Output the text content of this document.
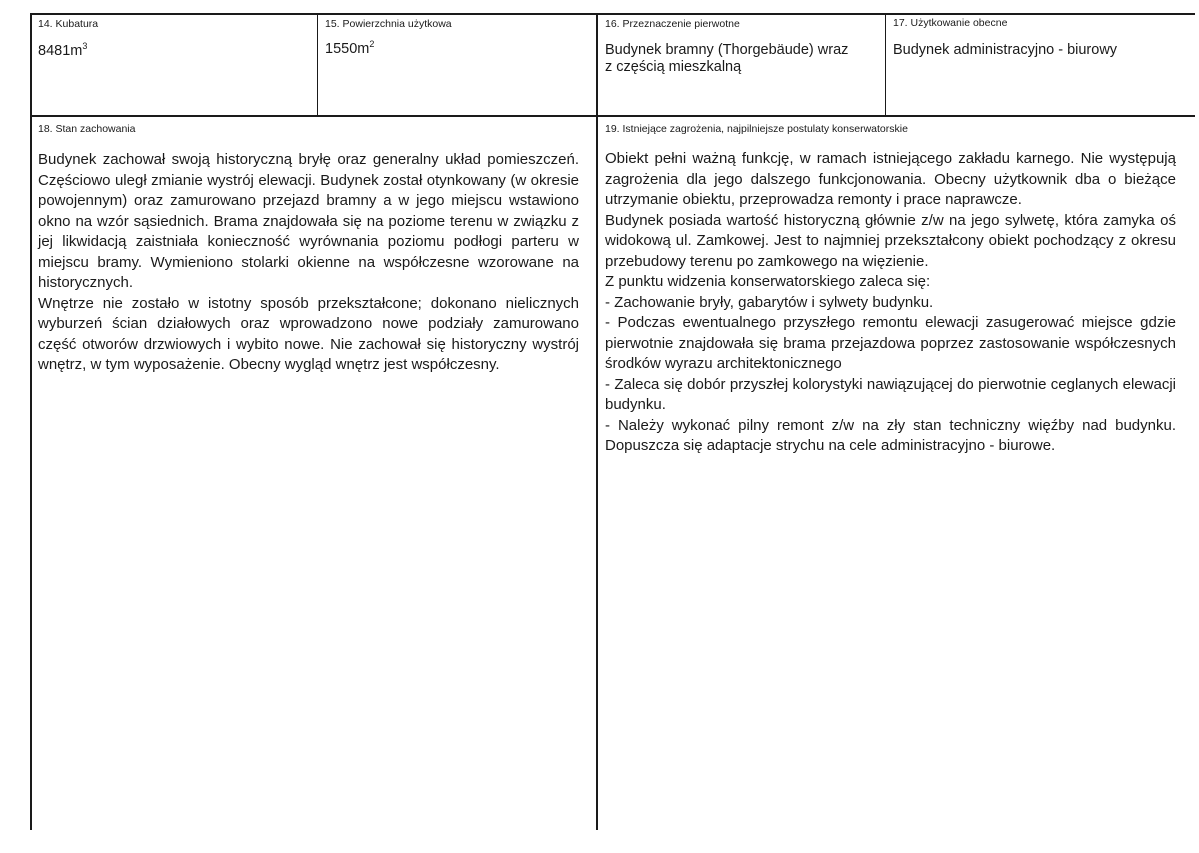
14. Kubatura
$8481m^3$
15. Powierzchnia użytkowa
$1550m^2$
16. Przeznaczenie pierwotne
Budynek bramny (Thorgebäude) wraz
z częścią mieszkalną
17. Użytkowanie obecne
Budynek administracyjno - biurowy
18. Stan zachowania

Budynek zachował swoją historyczną bryłę oraz generalny układ pomieszczeń. Częściowo uległ zmianie wystrój elewacji. Budynek został otynkowany (w okresie powojennym) oraz zamurowano przejazd bramny a w jego miejscu wstawiono okno na wzór sąsiednich. Brama znajdowała się na poziome terenu w związku z jej likwidacją zaistniała konieczność wyrównania poziomu podłogi parteru w miejscu bramy. Wymieniono stolarki okienne na współczesne wzorowane na historycznych.

Wnętrze nie zostało w istotny sposób przekształcone; dokonano nielicznych wyburzeń ścian działowych oraz wprowadzono nowe podziały zamurowano część otworów drzwiowych i wybito nowe. Nie zachował się historyczny wystrój wnętrz, w tym wyposażenie. Obecny wygląd wnętrz jest współczesny.

19. Istniejące zagrożenia, najpilniejsze postulaty konserwatorskie

Obiekt pełni ważną funkcję, w ramach istniejącego zakładu karnego. Nie występują zagrożenia dla jego dalszego funkcjonowania. Obecny użytkownik dba o bieżące utrzymanie obiektu, przeprowadza remonty i prace naprawcze.

Budynek posiada wartość historyczną głównie z/w na jego sylwetę, która zamyka oś widokową ul. Zamkowej. Jest to najmniej przekształcony obiekt pochodzący z okresu przebudowy terenu po zamkowego na więzienie.

Z punktu widzenia konserwatorskiego zaleca się:

- Zachowanie bryły, gabarytów i sylwety budynku.

- Podczas ewentualnego przyszłego remontu elewacji zasugerować miejsce gdzie pierwotnie znajdowała się brama przejazdowa poprzez zastosowanie współczesnych środków wyrazu architektonicznego

- Zaleca się dobór przyszłej kolorystyki nawiązującej do pierwotnie ceglanych elewacji budynku.

- Należy wykonać pilny remont z/w na zły stan techniczny więźby nad budynku. Dopuszcza się adaptacje strychu na cele administracyjno - biurowe.
